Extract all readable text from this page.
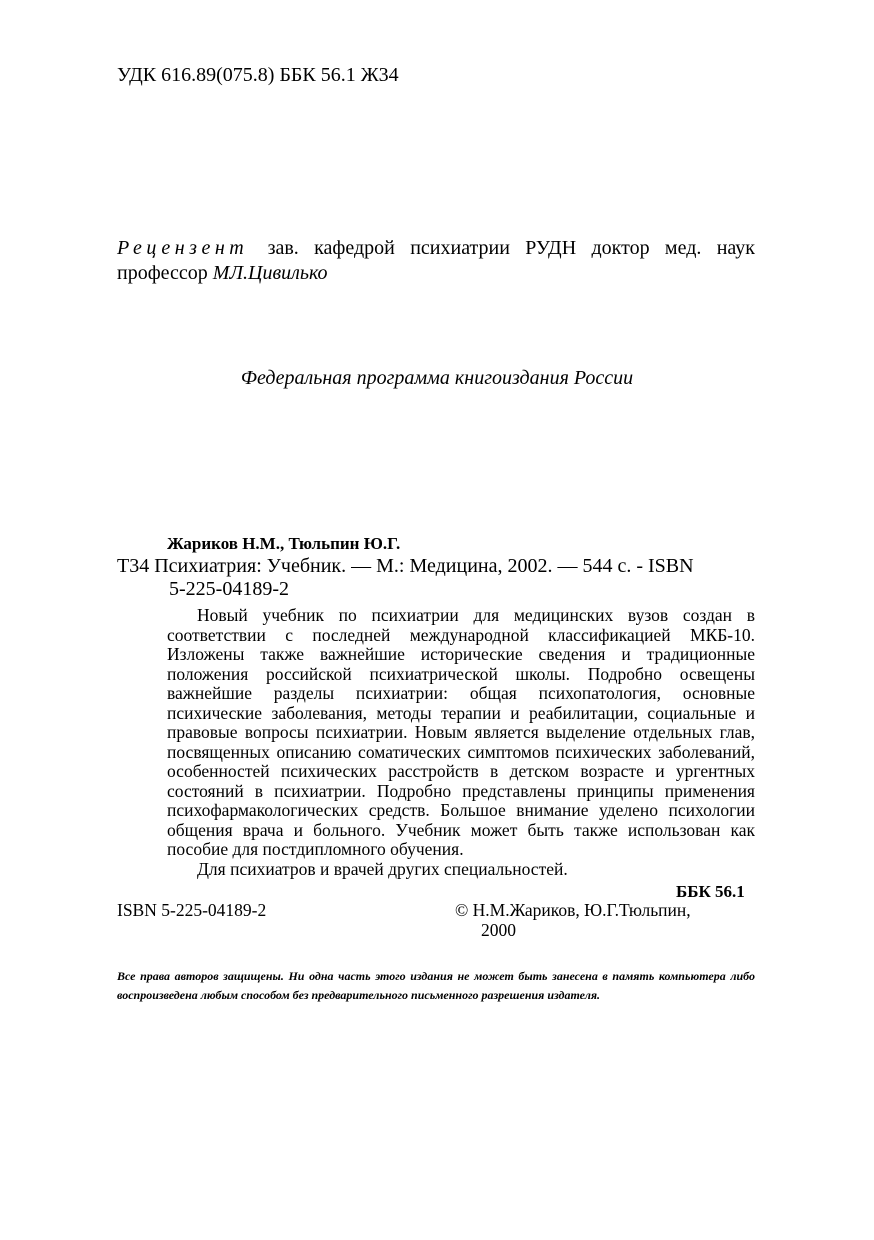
УДК 616.89(075.8) ББК 56.1 Ж34
Рецензент зав. кафедрой психиатрии РУДН доктор мед. наук профессор МЛ.Цивилько
Федеральная программа книгоиздания России
Жариков Н.М., Тюльпин Ю.Г.
Т34 Психиатрия: Учебник. — М.: Медицина, 2002. — 544 с. - ISBN
5-225-04189-2

Новый учебник по психиатрии для медицинских вузов создан в соответствии с последней международной классификацией МКБ-10. Изложены также важнейшие исторические сведения и традиционные положения российской психиатрической школы. Подробно освещены важнейшие разделы психиатрии: общая психопатология, основные психические заболевания, методы терапии и реабилитации, социальные и правовые вопросы психиатрии. Новым является выделение отдельных глав, посвященных описанию соматических симптомов психических заболеваний, особенностей психических расстройств в детском возрасте и ургентных состояний в психиатрии. Подробно представлены принципы применения психофармакологических средств. Большое внимание уделено психологии общения врача и больного. Учебник может быть также использован как пособие для постдипломного обучения.

Для психиатров и врачей других специальностей.

ББК 56.1
ISBN 5-225-04189-2	© Н.М.Жариков, Ю.Г.Тюльпин,
2000
Все права авторов защищены. Ни одна часть этого издания не может быть занесена в память компьютера либо воспроизведена любым способом без предварительного письменного разрешения издателя.
